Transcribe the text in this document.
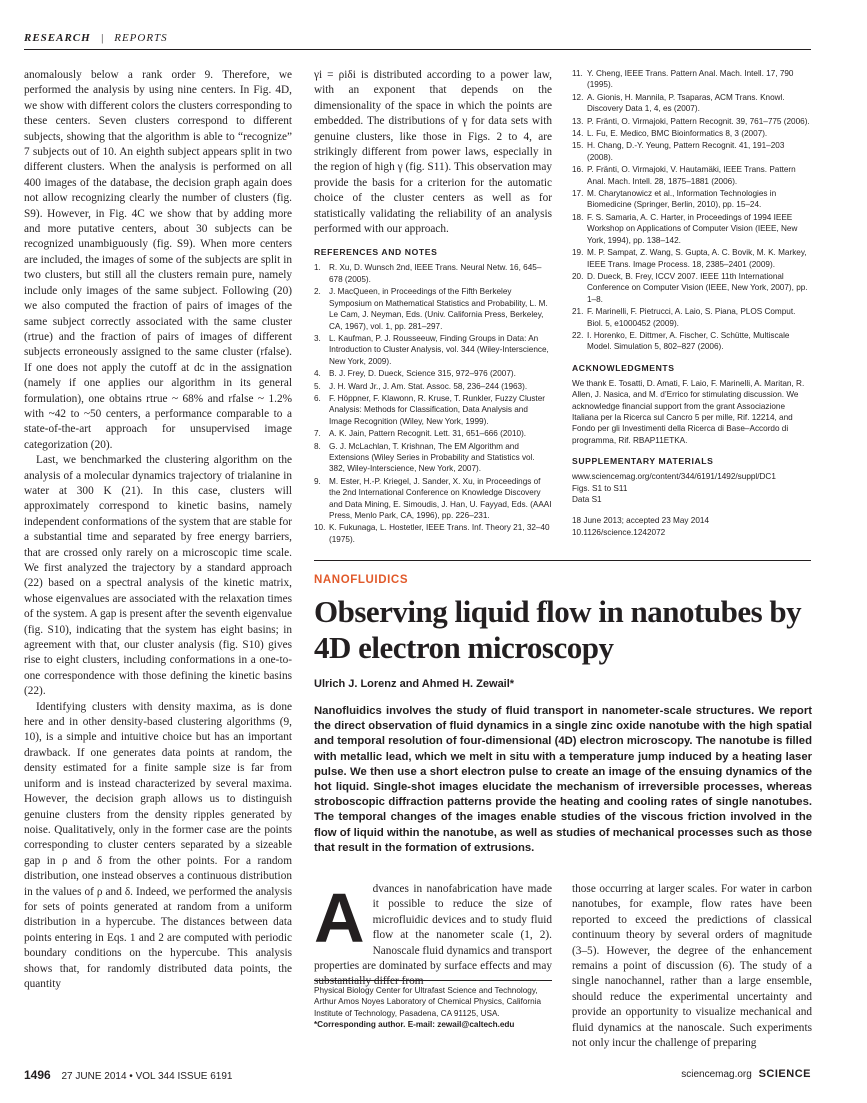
RESEARCH | REPORTS

anomalously below a rank order 9. Therefore, we performed the analysis by using nine centers. In Fig. 4D, we show with different colors the clusters corresponding to these centers. Seven clusters correspond to different subjects, showing that the algorithm is able to “recognize” 7 subjects out of 10. An eighth subject appears split in two different clusters. When the analysis is performed on all 400 images of the database, the decision graph again does not allow recognizing clearly the number of clusters (fig. S9). However, in Fig. 4C we show that by adding more and more putative centers, about 30 subjects can be recognized unambiguously (fig. S9). When more centers are included, the images of some of the subjects are split in two clusters, but still all the clusters remain pure, namely include only images of the same subject. Following (20) we also computed the fraction of pairs of images of the same subject correctly associated with the same cluster (rtrue) and the fraction of pairs of images of different subjects erroneously assigned to the same cluster (rfalse). If one does not apply the cutoff at dc in the assignation (namely if one applies our algorithm in its general formulation), one obtains rtrue ~ 68% and rfalse ~ 1.2% with ~42 to ~50 centers, a performance comparable to a state-of-the-art approach for unsupervised image categorization (20).

Last, we benchmarked the clustering algorithm on the analysis of a molecular dynamics trajectory of trialanine in water at 300 K (21). In this case, clusters will approximately correspond to kinetic basins, namely independent conformations of the system that are stable for a substantial time and separated by free energy barriers, that are crossed only rarely on a microscopic time scale. We first analyzed the trajectory by a standard approach (22) based on a spectral analysis of the kinetic matrix, whose eigenvalues are associated with the relaxation times of the system. A gap is present after the seventh eigenvalue (fig. S10), indicating that the system has eight basins; in agreement with that, our cluster analysis (fig. S10) gives rise to eight clusters, including conformations in a one-to-one correspondence with those defining the kinetic basins (22).

Identifying clusters with density maxima, as is done here and in other density-based clustering algorithms (9, 10), is a simple and intuitive choice but has an important drawback. If one generates data points at random, the density estimated for a finite sample size is far from uniform and is instead characterized by several maxima. However, the decision graph allows us to distinguish genuine clusters from the density ripples generated by noise. Qualitatively, only in the former case are the points corresponding to cluster centers separated by a sizeable gap in ρ and δ from the other points. For a random distribution, one instead observes a continuous distribution in the values of ρ and δ. Indeed, we performed the analysis for sets of points generated at random from a uniform distribution in a hypercube. The distances between data points entering in Eqs. 1 and 2 are computed with periodic boundary conditions on the hypercube. This analysis shows that, for randomly distributed data points, the quantity

γi = ρiδi is distributed according to a power law, with an exponent that depends on the dimensionality of the space in which the points are embedded. The distributions of γ for data sets with genuine clusters, like those in Figs. 2 to 4, are strikingly different from power laws, especially in the region of high γ (fig. S11). This observation may provide the basis for a criterion for the automatic choice of the cluster centers as well as for statistically validating the reliability of an analysis performed with our approach.

REFERENCES AND NOTES
1. R. Xu, D. Wunsch 2nd, IEEE Trans. Neural Netw. 16, 645–678 (2005).
2. J. MacQueen, in Proceedings of the Fifth Berkeley Symposium on Mathematical Statistics and Probability, L. M. Le Cam, J. Neyman, Eds. (Univ. California Press, Berkeley, CA, 1967), vol. 1, pp. 281–297.
3. L. Kaufman, P. J. Rousseeuw, Finding Groups in Data: An Introduction to Cluster Analysis, vol. 344 (Wiley-Interscience, New York, 2009).
4. B. J. Frey, D. Dueck, Science 315, 972–976 (2007).
5. J. H. Ward Jr., J. Am. Stat. Assoc. 58, 236–244 (1963).
6. F. Höppner, F. Klawonn, R. Kruse, T. Runkler, Fuzzy Cluster Analysis: Methods for Classification, Data Analysis and Image Recognition (Wiley, New York, 1999).
7. A. K. Jain, Pattern Recognit. Lett. 31, 651–666 (2010).
8. G. J. McLachlan, T. Krishnan, The EM Algorithm and Extensions (Wiley Series in Probability and Statistics vol. 382, Wiley-Interscience, New York, 2007).
9. M. Ester, H.-P. Kriegel, J. Sander, X. Xu, in Proceedings of the 2nd International Conference on Knowledge Discovery and Data Mining, E. Simoudis, J. Han, U. Fayyad, Eds. (AAAI Press, Menlo Park, CA, 1996), pp. 226–231.
10. K. Fukunaga, L. Hostetler, IEEE Trans. Inf. Theory 21, 32–40 (1975).
11. Y. Cheng, IEEE Trans. Pattern Anal. Mach. Intell. 17, 790 (1995).
12. A. Gionis, H. Mannila, P. Tsaparas, ACM Trans. Knowl. Discovery Data 1, 4, es (2007).
13. P. Fränti, O. Virmajoki, Pattern Recognit. 39, 761–775 (2006).
14. L. Fu, E. Medico, BMC Bioinformatics 8, 3 (2007).
15. H. Chang, D.-Y. Yeung, Pattern Recognit. 41, 191–203 (2008).
16. P. Fränti, O. Virmajoki, V. Hautamäki, IEEE Trans. Pattern Anal. Mach. Intell. 28, 1875–1881 (2006).
17. M. Charytanowicz et al., Information Technologies in Biomedicine (Springer, Berlin, 2010), pp. 15–24.
18. F. S. Samaria, A. C. Harter, in Proceedings of 1994 IEEE Workshop on Applications of Computer Vision (IEEE, New York, 1994), pp. 138–142.
19. M. P. Sampat, Z. Wang, S. Gupta, A. C. Bovik, M. K. Markey, IEEE Trans. Image Process. 18, 2385–2401 (2009).
20. D. Dueck, B. Frey, ICCV 2007. IEEE 11th International Conference on Computer Vision (IEEE, New York, 2007), pp. 1–8.
21. F. Marinelli, F. Pietrucci, A. Laio, S. Piana, PLOS Comput. Biol. 5, e1000452 (2009).
22. I. Horenko, E. Dittmer, A. Fischer, C. Schütte, Multiscale Model. Simulation 5, 802–827 (2006).
ACKNOWLEDGMENTS

We thank E. Tosatti, D. Amati, F. Laio, F. Marinelli, A. Maritan, R. Allen, J. Nasica, and M. d’Errico for stimulating discussion. We acknowledge financial support from the grant Associazione Italiana per la Ricerca sul Cancro 5 per mille, Rif. 12214, and Fondo per gli Investimenti della Ricerca di Base–Accordo di programma, Rif. RBAP11ETKA.

SUPPLEMENTARY MATERIALS

www.sciencemag.org/content/344/6191/1492/suppl/DC1

Figs. S1 to S11

Data S1

18 June 2013; accepted 23 May 2014

10.1126/science.1242072

NANOFLUIDICS
Observing liquid flow in nanotubes by 4D electron microscopy
Ulrich J. Lorenz and Ahmed H. Zewail*
Nanofluidics involves the study of fluid transport in nanometer-scale structures. We report the direct observation of fluid dynamics in a single zinc oxide nanotube with the high spatial and temporal resolution of four-dimensional (4D) electron microscopy. The nanotube is filled with metallic lead, which we melt in situ with a temperature jump induced by a heating laser pulse. We then use a short electron pulse to create an image of the ensuing dynamics of the hot liquid. Single-shot images elucidate the mechanism of irreversible processes, whereas stroboscopic diffraction patterns provide the heating and cooling rates of single nanotubes. The temporal changes of the images enable studies of the viscous friction involved in the flow of liquid within the nanotube, as well as studies of mechanical processes such as those that result in the formation of extrusions.
A dvances in nanofabrication have made it possible to reduce the size of microfluidic devices and to study fluid flow at the nanometer scale (1, 2). Nanoscale fluid dynamics and transport properties are dominated by surface effects and may substantially differ from
Physical Biology Center for Ultrafast Science and Technology, Arthur Amos Noyes Laboratory of Chemical Physics, California Institute of Technology, Pasadena, CA 91125, USA.
*Corresponding author. E-mail: zewail@caltech.edu
those occurring at larger scales. For water in carbon nanotubes, for example, flow rates have been reported to exceed the predictions of classical continuum theory by several orders of magnitude (3–5). However, the degree of the enhancement remains a point of discussion (6). The study of a single nanochannel, rather than a large ensemble, should reduce the experimental uncertainty and provide an opportunity to visualize mechanical and fluid dynamics at the nanoscale. Such experiments not only incur the challenge of preparing
1496 27 JUNE 2014 • VOL 344 ISSUE 6191	sciencemag.org SCIENCE
